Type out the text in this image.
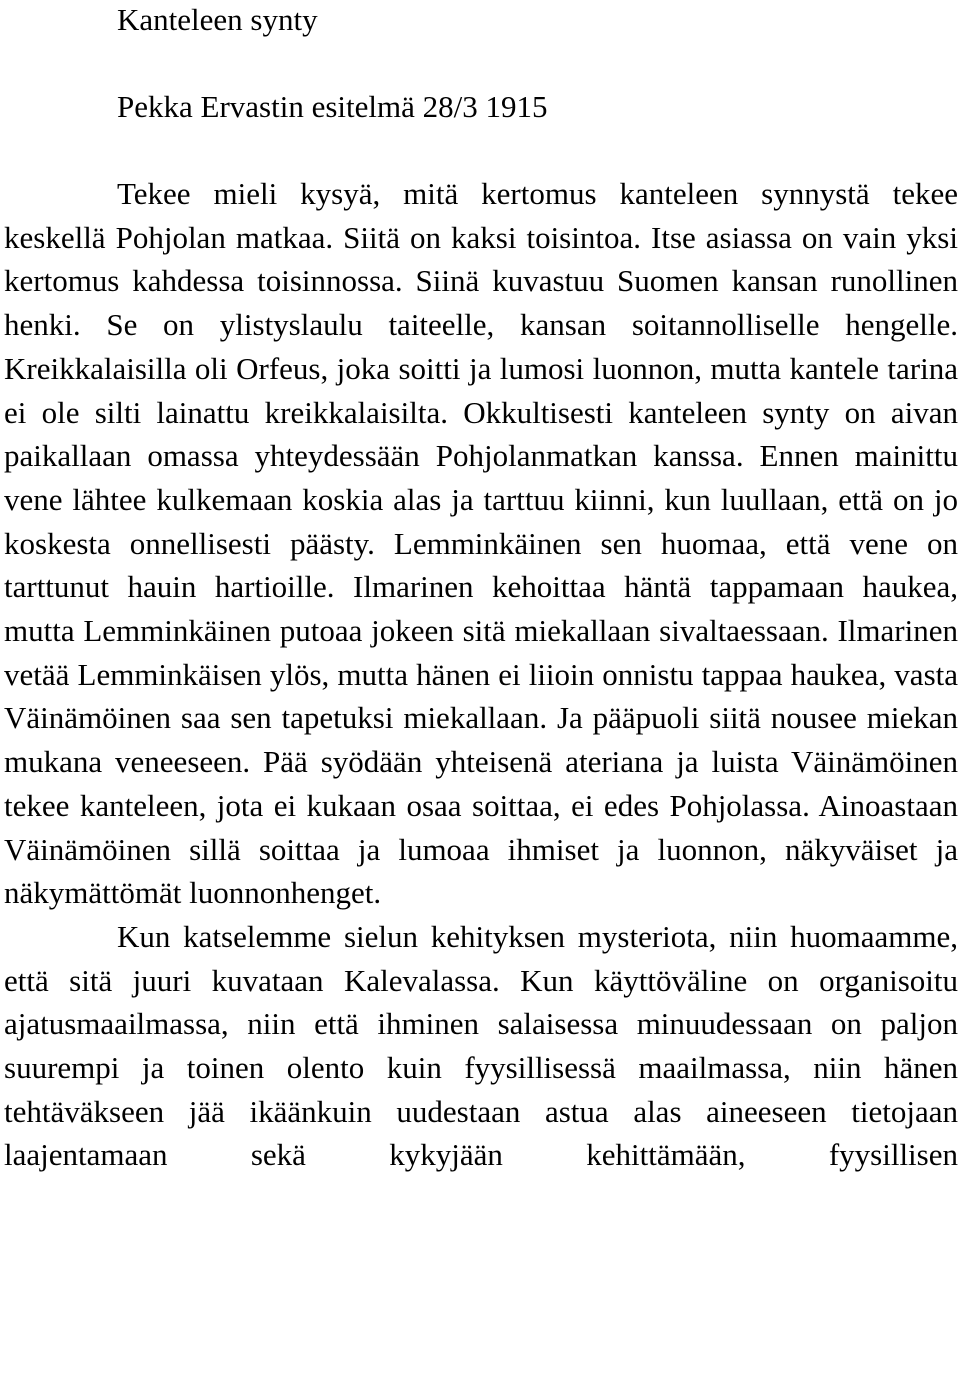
Kanteleen synty

Pekka Ervastin esitelmä 28/3 1915

Tekee mieli kysyä, mitä kertomus kanteleen synnystä tekee keskellä Pohjolan matkaa. Siitä on kaksi toisintoa. Itse asiassa on vain yksi kertomus kahdessa toisinnossa. Siinä kuvastuu Suomen kansan runollinen henki. Se on ylistyslaulu taiteelle, kansan soitannolliselle hengelle. Kreikkalaisilla oli Orfeus, joka soitti ja lumosi luonnon, mutta kantele tarina ei ole silti lainattu kreikkalaisilta. Okkultisesti kanteleen synty on aivan paikallaan omassa yhteydessään Pohjolanmatkan kanssa. Ennen mainittu vene lähtee kulkemaan koskia alas ja tarttuu kiinni, kun luullaan, että on jo koskesta onnellisesti päästy. Lemminkäinen sen huomaa, että vene on tarttunut hauin hartioille. Ilmarinen kehoittaa häntä tappamaan haukea, mutta Lemminkäinen putoaa jokeen sitä miekallaan sivaltaessaan. Ilmarinen vetää Lemminkäisen ylös, mutta hänen ei liioin onnistu tappaa haukea, vasta Väinämöinen saa sen tapetuksi miekallaan. Ja pääpuoli siitä nousee miekan mukana veneeseen. Pää syödään yhteisenä ateriana ja luista Väinämöinen tekee kanteleen, jota ei kukaan osaa soittaa, ei edes Pohjolassa. Ainoastaan Väinämöinen sillä soittaa ja lumoaa ihmiset ja luonnon, näkyväiset ja näkymättömät luonnonhenget.

Kun katselemme sielun kehityksen mysteriota, niin huomaamme, että sitä juuri kuvataan Kalevalassa. Kun käyttöväline on organisoitu ajatusmaailmassa, niin että ihminen salaisessa minuudessaan on paljon suurempi ja toinen olento kuin fyysillisessä maailmassa, niin hänen tehtäväkseen jää ikäänkuin uudestaan astua alas aineeseen tietojaan laajentamaan sekä kykyjään kehittämään, fyysillisen
